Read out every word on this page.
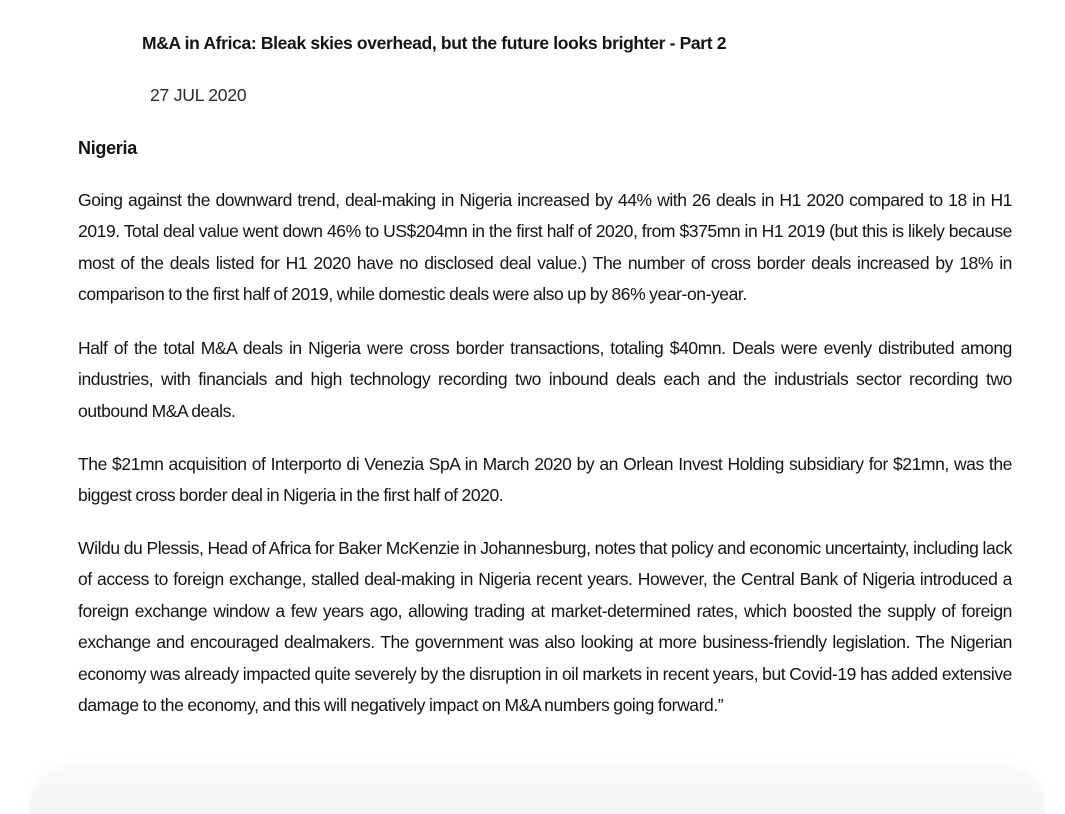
M&A in Africa: Bleak skies overhead, but the future looks brighter - Part 2
27 JUL 2020
Nigeria

Going against the downward trend, deal-making in Nigeria increased by 44% with 26 deals in H1 2020 compared to 18 in H1 2019. Total deal value went down 46% to US$204mn in the first half of 2020, from $375mn in H1 2019 (but this is likely because most of the deals listed for H1 2020 have no disclosed deal value.) The number of cross border deals increased by 18% in comparison to the first half of 2019, while domestic deals were also up by 86% year-on-year.

Half of the total M&A deals in Nigeria were cross border transactions, totaling $40mn. Deals were evenly distributed among industries, with financials and high technology recording two inbound deals each and the industrials sector recording two outbound M&A deals.

The $21mn acquisition of Interporto di Venezia SpA in March 2020 by an Orlean Invest Holding subsidiary for $21mn, was the biggest cross border deal in Nigeria in the first half of 2020.

Wildu du Plessis, Head of Africa for Baker McKenzie in Johannesburg, notes that policy and economic uncertainty, including lack of access to foreign exchange, stalled deal-making in Nigeria recent years. However, the Central Bank of Nigeria introduced a foreign exchange window a few years ago, allowing trading at market-determined rates, which boosted the supply of foreign exchange and encouraged dealmakers. The government was also looking at more business-friendly legislation. The Nigerian economy was already impacted quite severely by the disruption in oil markets in recent years, but Covid-19 has added extensive damage to the economy, and this will negatively impact on M&A numbers going forward.”
